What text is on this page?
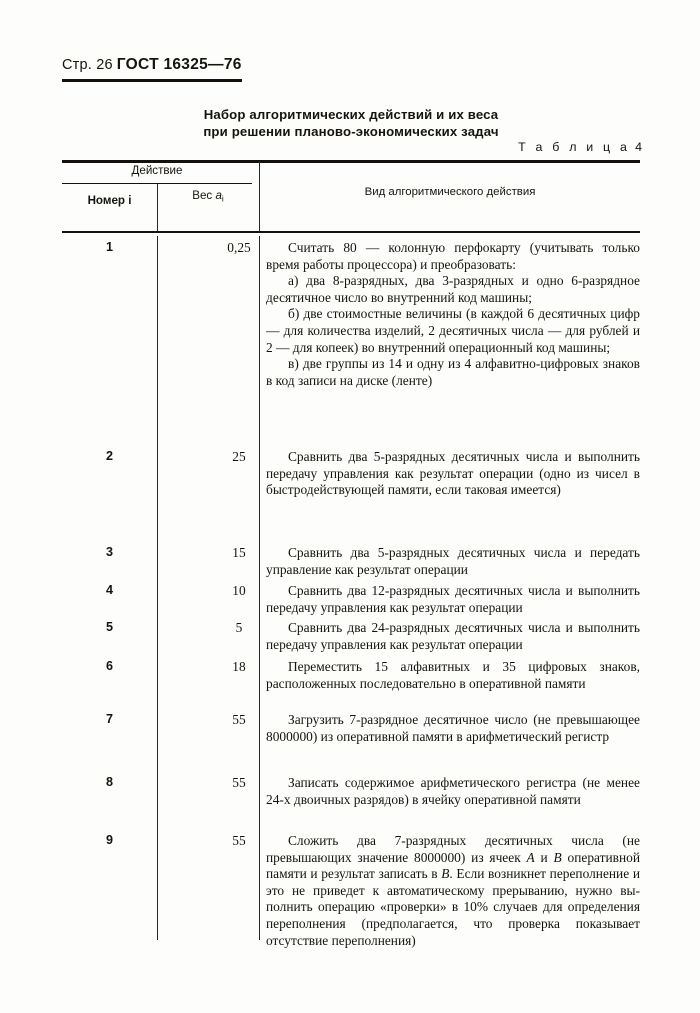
Стр. 26 ГОСТ 16325—76
Набор алгоритмических действий и их веса
при решении планово-экономических задач
Т а б л и ц а 4
Действие
Номер i	Вес $a_i$
Вид алгоритмического действия
1	0,25	Считать 80 — колонную перфокарту (учитывать только время работы процессора) и преобразовать:

а) два 8-разрядных, два 3-разрядных и одно 6-разрядное десятичное число во внутренний код машины;

б) две стоимостные величины (в каждой 6 десятичных цифр — для количества изделий, 2 десятичных числа — для рублей и 2 — для копеек) во внутренний операционный код машины;

в) две группы из 14 и одну из 4 алфавитно-цифровых знаков в код записи на диске (ленте)

2	25	Сравнить два 5-разрядных десятичных числа и выполнить передачу управления как результат операции (одно из чисел в быстродействующей памяти, если таковая имеется)

3	15	Сравнить два 5-разрядных десятичных числа и передать управление как результат операции

4	10	Сравнить два 12-разрядных десятичных числа и выполнить передачу управления как результат операции

5	5	Сравнить два 24-разрядных десятичных числа и выполнить передачу управления как результат операции

6	18	Переместить 15 алфавитных и 35 цифровых знаков, расположенных последовательно в оперативной памяти

7	55	Загрузить 7-разрядное десятичное число (не превышающее 8000000) из оперативной памяти в арифметический регистр

8	55	Записать содержимое арифметического регистра (не менее 24-х двоичных разрядов) в ячейку оперативной памяти

9	55	Сложить два 7-разрядных десятичных числа (не превышающих значение 8000000) из ячеек A и B оперативной памяти и результат записать в B. Если возникнет переполнение и это не приведет к автоматическому прерыванию, нужно выполнить операцию «проверки» в 10% случаев для определения переполнения (предполагается, что проверка показывает отсутствие переполнения)
